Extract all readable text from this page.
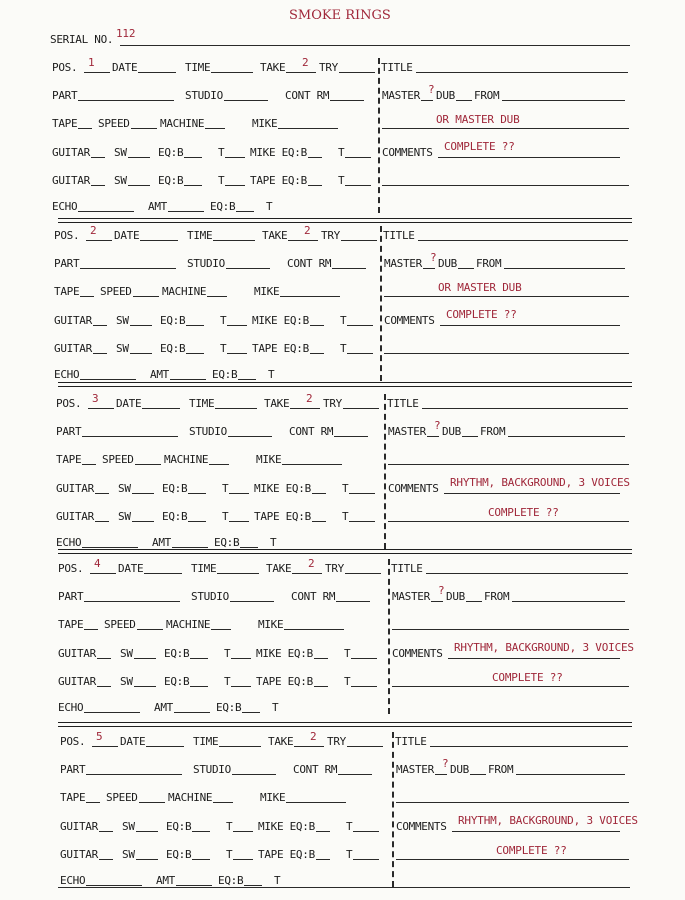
SMOKE RINGS
SERIAL NO. 112
POS. 1 DATE	TIME	TAKE 2 TRY	TITLE
PART	STUDIO	CONT RM	MASTER ? DUB FROM
TAPE SPEED	MACHINE	MIKE	OR MASTER DUB
GUITAR SW	EQ:B	T MIKE EQ:B	T	COMMENTS COMPLETE ??
GUITAR SW	EQ:B	T TAPE EQ:B	T
ECHO	AMT	EQ:B	T
POS. 2 DATE	TIME	TAKE 2 TRY	TITLE
PART	STUDIO	CONT RM	MASTER ? DUB FROM
TAPE SPEED	MACHINE	MIKE	OR MASTER DUB
GUITAR SW	EQ:B	T MIKE EQ:B	T	COMMENTS COMPLETE ??
GUITAR SW	EQ:B	T TAPE EQ:B	T
ECHO	AMT	EQ:B	T
POS. 3 DATE	TIME	TAKE 2 TRY	TITLE
PART	STUDIO	CONT RM	MASTER ? DUB FROM
TAPE SPEED	MACHINE	MIKE
GUITAR SW	EQ:B	T MIKE EQ:B	T	COMMENTS RHYTHM, BACKGROUND, 3 VOICES
GUITAR SW	EQ:B	T TAPE EQ:B	T	COMPLETE ??
ECHO	AMT	EQ:B	T
POS. 4 DATE	TIME	TAKE 2 TRY	TITLE
PART	STUDIO	CONT RM	MASTER ? DUB FROM
TAPE SPEED	MACHINE	MIKE
GUITAR SW	EQ:B	T MIKE EQ:B	T	COMMENTS RHYTHM, BACKGROUND, 3 VOICES
GUITAR SW	EQ:B	T TAPE EQ:B	T	COMPLETE ??
ECHO	AMT	EQ:B	T
POS. 5 DATE	TIME	TAKE 2 TRY	TITLE
PART	STUDIO	CONT RM	MASTER ? DUB FROM
TAPE SPEED	MACHINE	MIKE
GUITAR SW	EQ:B	T MIKE EQ:B	T	COMMENTS RHYTHM, BACKGROUND, 3 VOICES
GUITAR SW	EQ:B	T TAPE EQ:B	T	COMPLETE ??
ECHO	AMT	EQ:B	T
